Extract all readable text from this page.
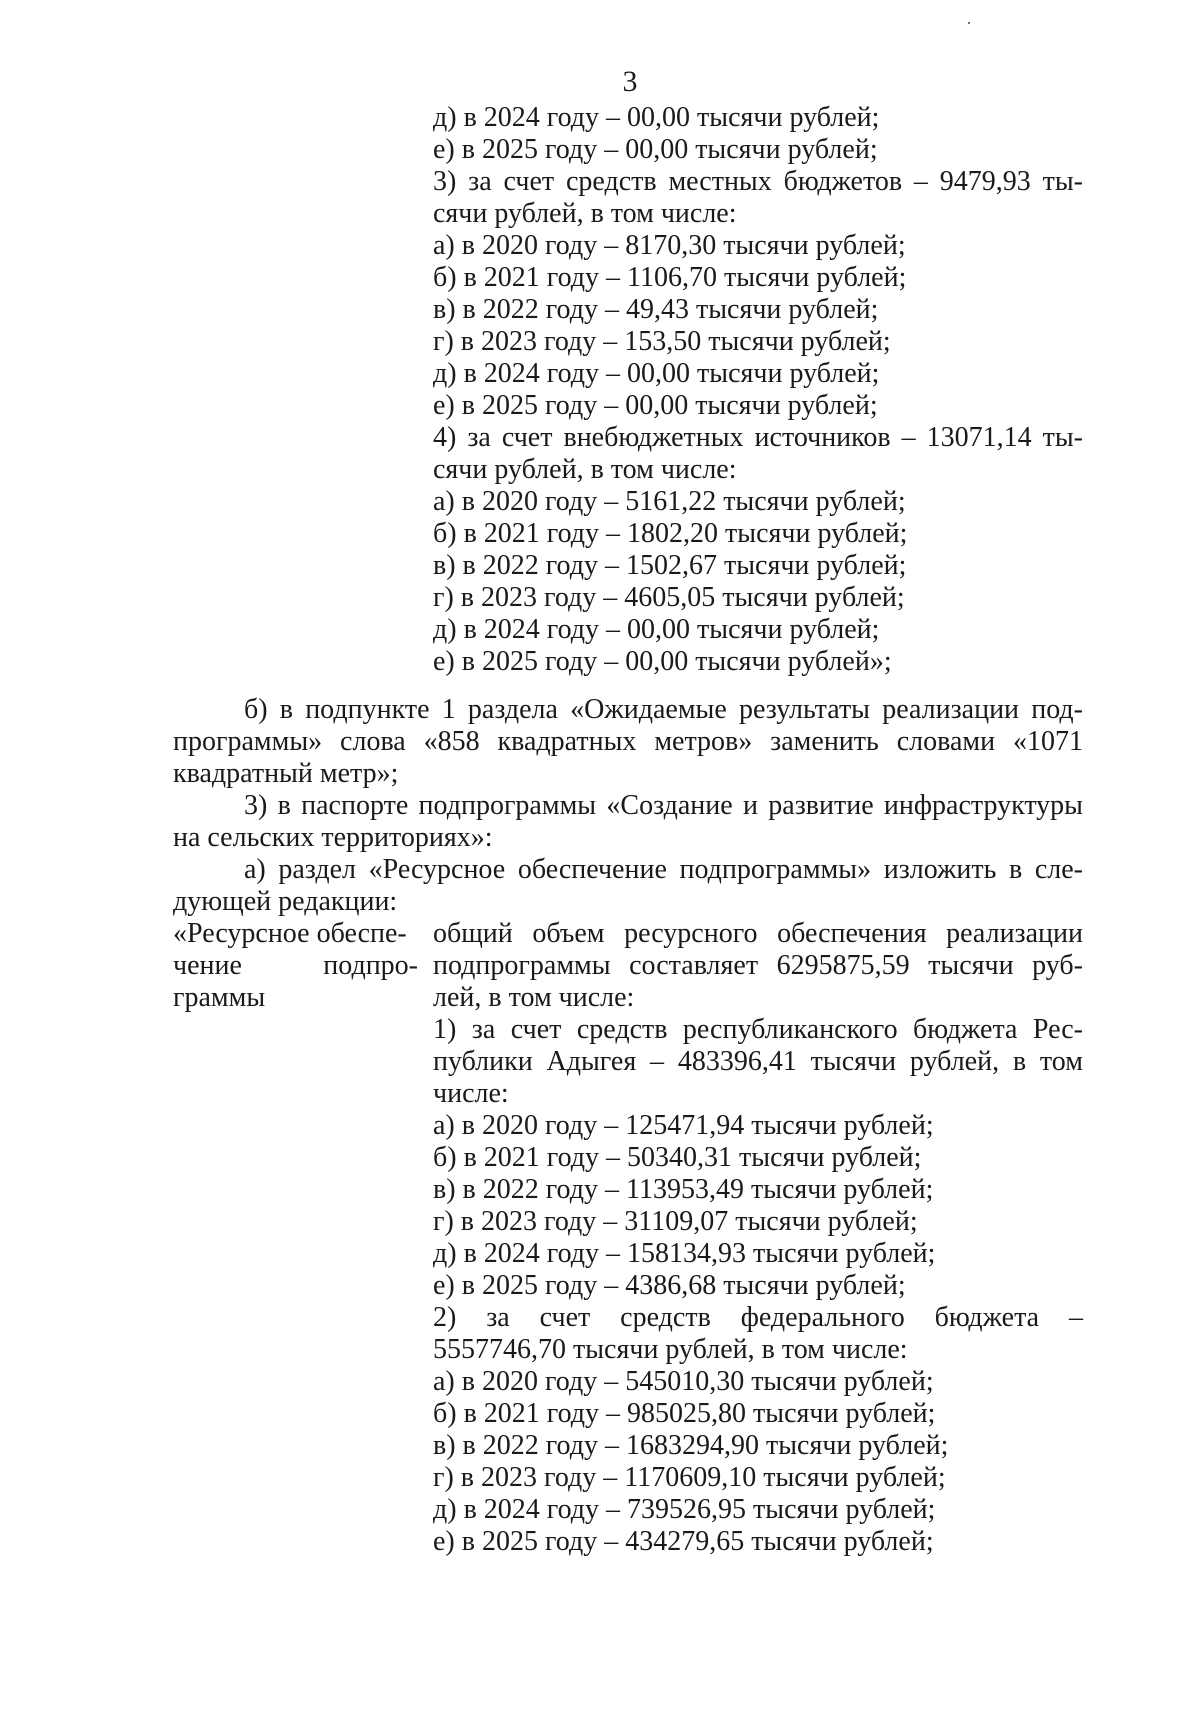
3
д) в 2024 году – 00,00 тысячи рублей;
е) в 2025 году – 00,00 тысячи рублей;
3) за счет средств местных бюджетов – 9479,93 ты-
сячи рублей, в том числе:
а) в 2020 году – 8170,30 тысячи рублей;
б) в 2021 году – 1106,70 тысячи рублей;
в) в 2022 году – 49,43 тысячи рублей;
г) в 2023 году – 153,50 тысячи рублей;
д) в 2024 году – 00,00 тысячи рублей;
е) в 2025 году – 00,00 тысячи рублей;
4) за счет внебюджетных источников – 13071,14 ты-
сячи рублей, в том числе:
а) в 2020 году – 5161,22 тысячи рублей;
б) в 2021 году – 1802,20 тысячи рублей;
в) в 2022 году – 1502,67 тысячи рублей;
г) в 2023 году – 4605,05 тысячи рублей;
д) в 2024 году – 00,00 тысячи рублей;
е) в 2025 году – 00,00 тысячи рублей»;
б) в подпункте 1 раздела «Ожидаемые результаты реализации под-
программы» слова «858 квадратных метров» заменить словами «1071
квадратный метр»;
3) в паспорте подпрограммы «Создание и развитие инфраструктуры
на сельских территориях»:
а) раздел «Ресурсное обеспечение подпрограммы» изложить в сле-
дующей редакции:
«Ресурсное обеспе-
чение подпро-
граммы
общий объем ресурсного обеспечения реализации
подпрограммы составляет 6295875,59 тысячи руб-
лей, в том числе:
1) за счет средств республиканского бюджета Рес-
публики Адыгея – 483396,41 тысячи рублей, в том
числе:
а) в 2020 году – 125471,94 тысячи рублей;
б) в 2021 году – 50340,31 тысячи рублей;
в) в 2022 году – 113953,49 тысячи рублей;
г) в 2023 году – 31109,07 тысячи рублей;
д) в 2024 году – 158134,93 тысячи рублей;
е) в 2025 году – 4386,68 тысячи рублей;
2) за счет средств федерального бюджета –
5557746,70 тысячи рублей, в том числе:
а) в 2020 году – 545010,30 тысячи рублей;
б) в 2021 году – 985025,80 тысячи рублей;
в) в 2022 году – 1683294,90 тысячи рублей;
г) в 2023 году – 1170609,10 тысячи рублей;
д) в 2024 году – 739526,95 тысячи рублей;
е) в 2025 году – 434279,65 тысячи рублей;
